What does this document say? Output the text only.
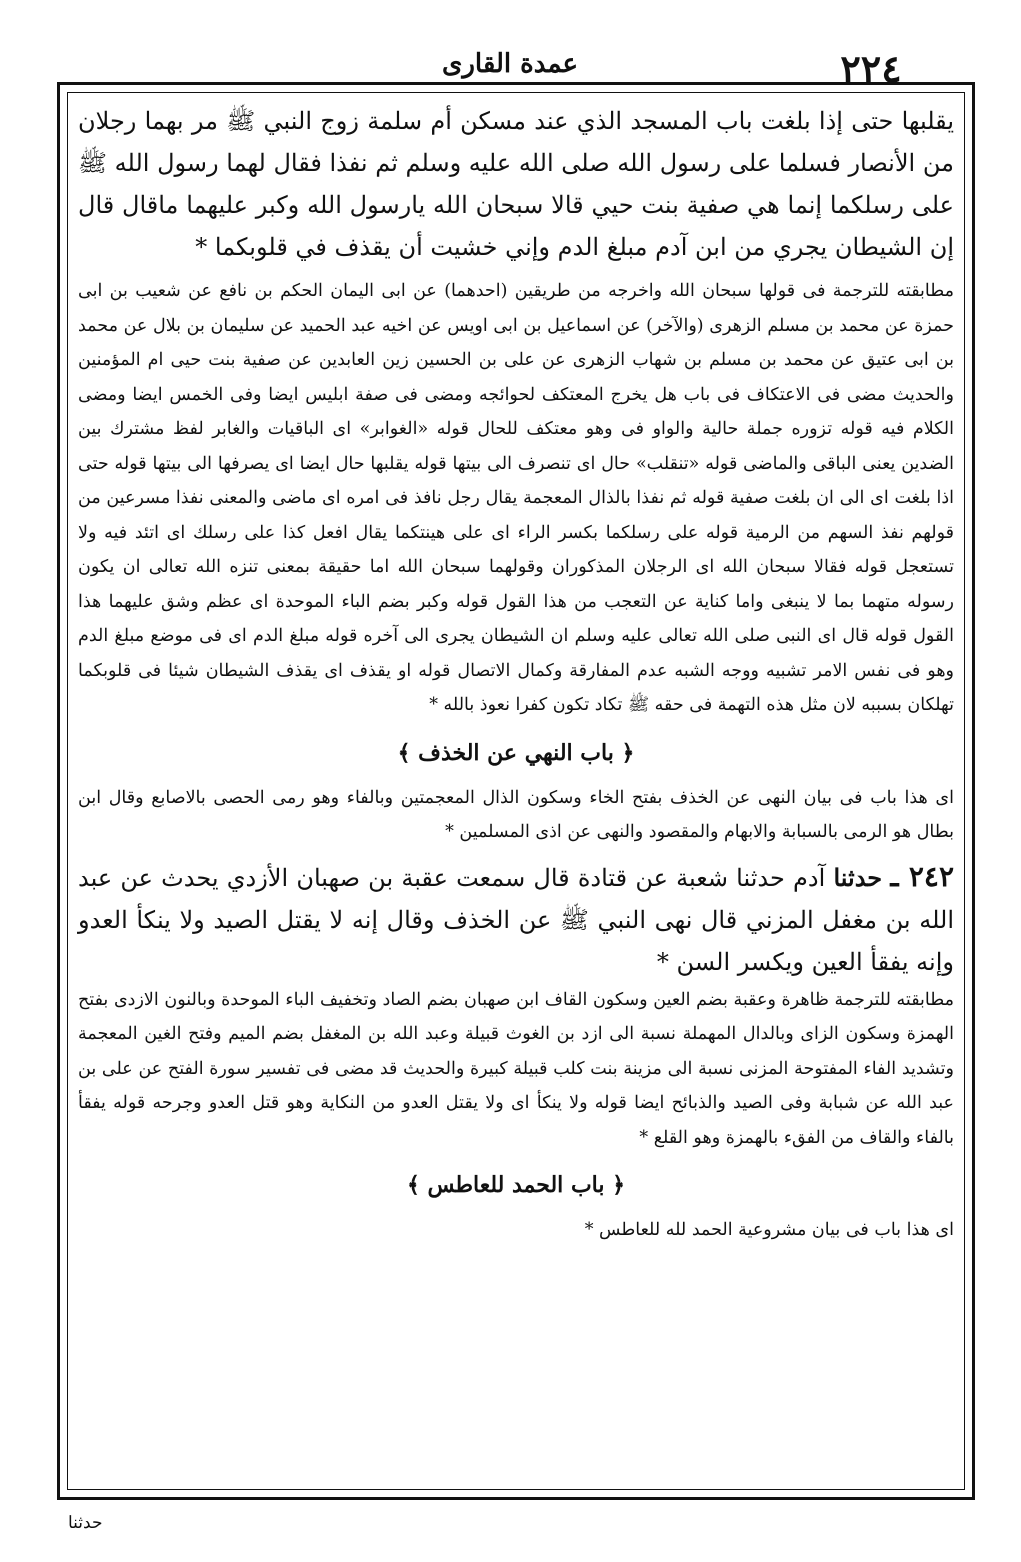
٢٢٤
عمدة القاری

يقلبها حتى إذا بلغت باب المسجد الذي عند مسكن أم سلمة زوج النبي ﷺ مر بهما رجلان من الأنصار فسلما على رسول الله صلى الله عليه وسلم ثم نفذا فقال لهما رسول الله ﷺ على رسلكما إنما هي صفية بنت حيي قالا سبحان الله يارسول الله وكبر عليهما ماقال قال إن الشيطان يجري من ابن آدم مبلغ الدم وإني خشيت أن يقذف في قلوبكما *

مطابقته للترجمة فى قولها سبحان الله واخرجه من طريقين (احدهما) عن ابى اليمان الحكم بن نافع عن شعيب بن ابى حمزة عن محمد بن مسلم الزهرى (والآخر) عن اسماعيل بن ابى اويس عن اخيه عبد الحميد عن سليمان بن بلال عن محمد بن ابى عتيق عن محمد بن مسلم بن شهاب الزهرى عن على بن الحسين زين العابدين عن صفية بنت حيى ام المؤمنين والحديث مضى فى الاعتكاف فى باب هل يخرج المعتكف لحوائجه ومضى فى صفة ابليس ايضا وفى الخمس ايضا ومضى الكلام فيه قوله تزوره جملة حالية والواو فى وهو معتكف للحال قوله «الغوابر» اى الباقيات والغابر لفظ مشترك بين الضدين يعنى الباقى والماضى قوله «تنقلب» حال اى تنصرف الى بيتها قوله يقلبها حال ايضا اى يصرفها الى بيتها قوله حتى اذا بلغت اى الى ان بلغت صفية قوله ثم نفذا بالذال المعجمة يقال رجل نافذ فى امره اى ماضى والمعنى نفذا مسرعين من قولهم نفذ السهم من الرمية قوله على رسلكما بكسر الراء اى على هينتكما يقال افعل كذا على رسلك اى اتئد فيه ولا تستعجل قوله فقالا سبحان الله اى الرجلان المذكوران وقولهما سبحان الله اما حقيقة بمعنى تنزه الله تعالى ان يكون رسوله متهما بما لا ينبغى واما كناية عن التعجب من هذا القول قوله وكبر بضم الباء الموحدة اى عظم وشق عليهما هذا القول قوله قال اى النبى صلى الله تعالى عليه وسلم ان الشيطان يجرى الى آخره قوله مبلغ الدم اى فى موضع مبلغ الدم وهو فى نفس الامر تشبيه ووجه الشبه عدم المفارقة وكمال الاتصال قوله او يقذف اى يقذف الشيطان شيئا فى قلوبكما تهلكان بسببه لان مثل هذه التهمة فى حقه ﷺ تكاد تكون كفرا نعوذ بالله *

﴿ باب النهي عن الخذف ﴾

اى هذا باب فى بيان النهى عن الخذف بفتح الخاء وسكون الذال المعجمتين وبالفاء وهو رمى الحصى بالاصابع وقال ابن بطال هو الرمى بالسبابة والابهام والمقصود والنهى عن اذى المسلمين *

٢٤٢ ـ حدثنا آدم حدثنا شعبة عن قتادة قال سمعت عقبة بن صهبان الأزدي يحدث عن عبد الله بن مغفل المزني قال نهى النبي ﷺ عن الخذف وقال إنه لا يقتل الصيد ولا ينكأ العدو وإنه يفقأ العين ويكسر السن *

مطابقته للترجمة ظاهرة وعقبة بضم العين وسكون القاف ابن صهبان بضم الصاد وتخفيف الباء الموحدة وبالنون الازدى بفتح الهمزة وسكون الزاى وبالدال المهملة نسبة الى ازد بن الغوث قبيلة وعبد الله بن المغفل بضم الميم وفتح الغين المعجمة وتشديد الفاء المفتوحة المزنى نسبة الى مزينة بنت كلب قبيلة كبيرة والحديث قد مضى فى تفسير سورة الفتح عن على بن عبد الله عن شبابة وفى الصيد والذبائح ايضا قوله ولا ينكأ اى ولا يقتل العدو من النكاية وهو قتل العدو وجرحه قوله يفقأ بالفاء والقاف من الفقء بالهمزة وهو القلع *

﴿ باب الحمد للعاطس ﴾

اى هذا باب فى بيان مشروعية الحمد لله للعاطس *

حدثنا
